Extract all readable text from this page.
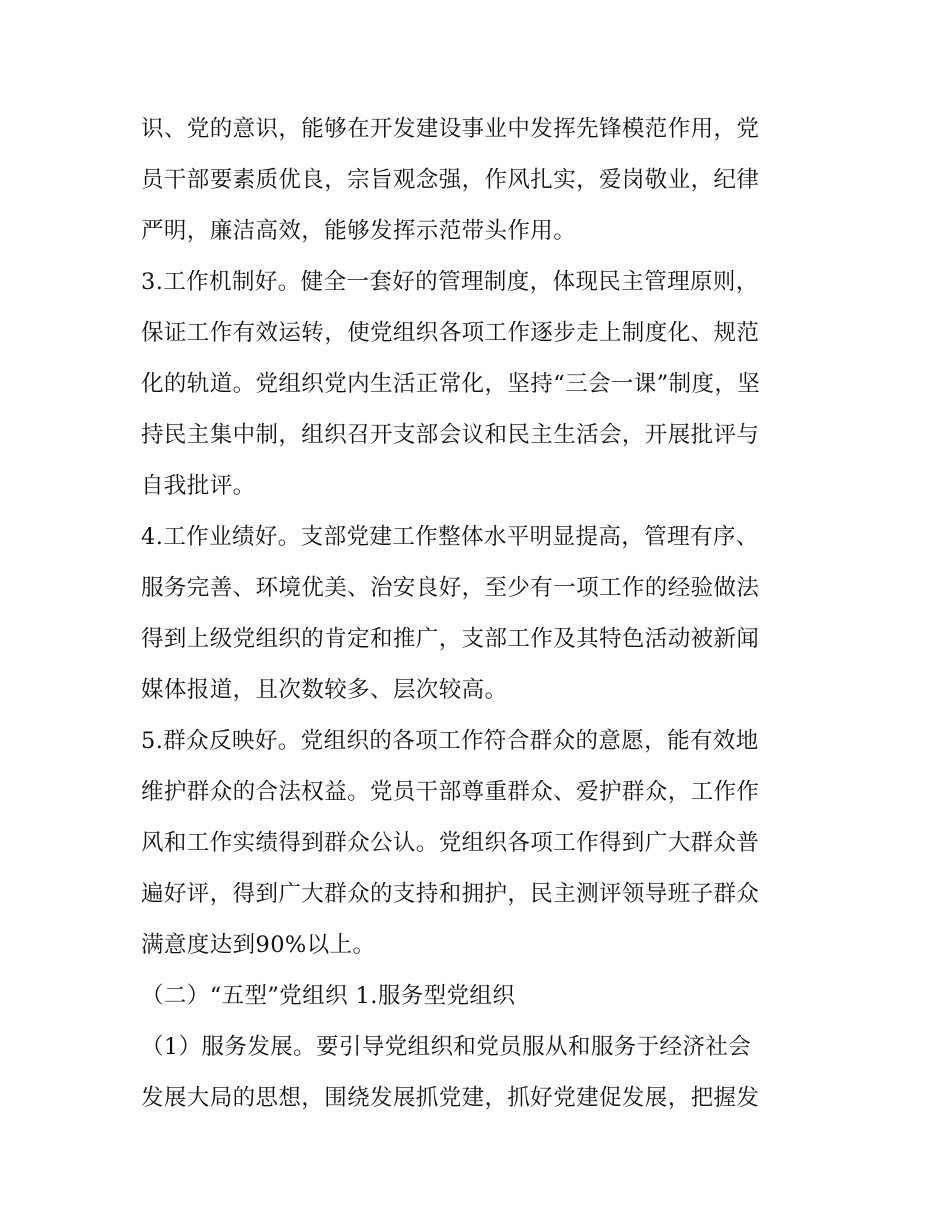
识、党的意识，能够在开发建设事业中发挥先锋模范作用，党
员干部要素质优良，宗旨观念强，作风扎实，爱岗敬业，纪律
严明，廉洁高效，能够发挥示范带头作用。
3.工作机制好。健全一套好的管理制度，体现民主管理原则，
保证工作有效运转，使党组织各项工作逐步走上制度化、规范
化的轨道。党组织党内生活正常化，坚持“三会一课”制度，坚
持民主集中制，组织召开支部会议和民主生活会，开展批评与
自我批评。
4.工作业绩好。支部党建工作整体水平明显提高，管理有序、
服务完善、环境优美、治安良好，至少有一项工作的经验做法
得到上级党组织的肯定和推广，支部工作及其特色活动被新闻
媒体报道，且次数较多、层次较高。
5.群众反映好。党组织的各项工作符合群众的意愿，能有效地
维护群众的合法权益。党员干部尊重群众、爱护群众，工作作
风和工作实绩得到群众公认。党组织各项工作得到广大群众普
遍好评，得到广大群众的支持和拥护，民主测评领导班子群众
满意度达到90%以上。
（二）“五型”党组织 1.服务型党组织
（1）服务发展。要引导党组织和党员服从和服务于经济社会
发展大局的思想，围绕发展抓党建，抓好党建促发展，把握发
